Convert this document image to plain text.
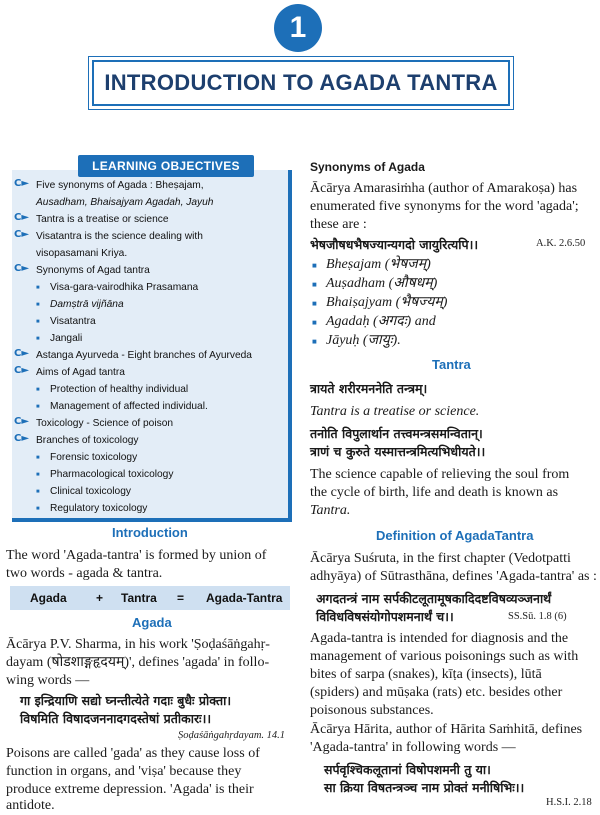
1
INTRODUCTION TO AGADA TANTRA
C► Five synonyms of Agada : Bheṣajam,
Ausadham, Bhaisajyam Agadah, Jayuh
C► Tantra is a treatise or science
C► Visatantra is the science dealing with
visopasamani Kriya.
C► Synonyms of Agad tantra
■ Visa-gara-vairodhika Prasamana
■ Damṣtrā vijñāna
■ Visatantra
■ Jangali
C► Astanga Ayurveda - Eight branches of Ayurveda
C► Aims of Agad tantra
■ Protection of healthy individual
■ Management of affected individual.
C► Toxicology - Science of poison
C► Branches of toxicology
■ Forensic toxicology
■ Pharmacological toxicology
■ Clinical toxicology
■ Regulatory toxicology
LEARNING OBJECTIVES
Introduction
The word 'Agada-tantra' is formed by union of
two words - agada & tantra.
Agada + Tantra = Agada-Tantra
Agada
Ācārya P.V. Sharma, in his work 'Ṣoḍaśāṅgahṛ-
dayam (षोडशाङ्गहृदयम्)', defines 'agada' in follo-
wing words —
गा इन्द्रियाणि सद्यो घ्नन्तीत्येते गदाः बुधैः प्रोक्ता।
विषमिति विषादजननादगदस्तेषां प्रतीकारः।।
Ṣoḍaśāṅgahṛdayam. 14.1
Poisons are called 'gada' as they cause loss of
function in organs, and 'viṣa' because they
produce extreme depression. 'Agada' is their
antidote.
Synonyms of Agada
Ācārya Amarasiṁha (author of Amarakoṣa) has
enumerated five synonyms for the word 'agada';
these are :
भेषजौषधभैषज्यान्यगदो जायुरित्यपि।।	A.K. 2.6.50
■ Bheṣajam (भेषजम्)
■ Auṣadham (औषधम्)
■ Bhaiṣajyam (भैषज्यम्)
■ Agadaḥ (अगदः) and
■ Jāyuḥ (जायुः).
Tantra
त्रायते शरीरमननेति तन्त्रम्।
Tantra is a treatise or science.
तनोति विपुलार्थान तत्त्वमन्त्रसमन्वितान्।
त्राणं च कुरुते यस्मात्तन्त्रमित्यभिधीयते।।
The science capable of relieving the soul from
the cycle of birth, life and death is known as
Tantra.
Definition of AgadaTantra
Ācārya Suśruta, in the first chapter (Vedotpatti
adhyāya) of Sūtrasthāna, defines 'Agada-tantra' as :
अगदतन्त्रं नाम सर्पकीटलूतामूषकादिदष्टविषव्यञ्जनार्थं
विविधविषसंयोगोपशमनार्थं च।।	SS.Sū. 1.8 (6)
Agada-tantra is intended for diagnosis and the
management of various poisonings such as with
bites of sarpa (snakes), kīṭa (insects), lūtā
(spiders) and mūṣaka (rats) etc. besides other
poisonous substances.
Ācārya Hārita, author of Hārita Saṁhitā, defines
'Agada-tantra' in following words —
सर्पवृश्चिकलूतानां विषोपशमनी तु या।
सा क्रिया विषतन्त्रञ्च नाम प्रोक्तं मनीषिभिः।।
H.S.I. 2.18
